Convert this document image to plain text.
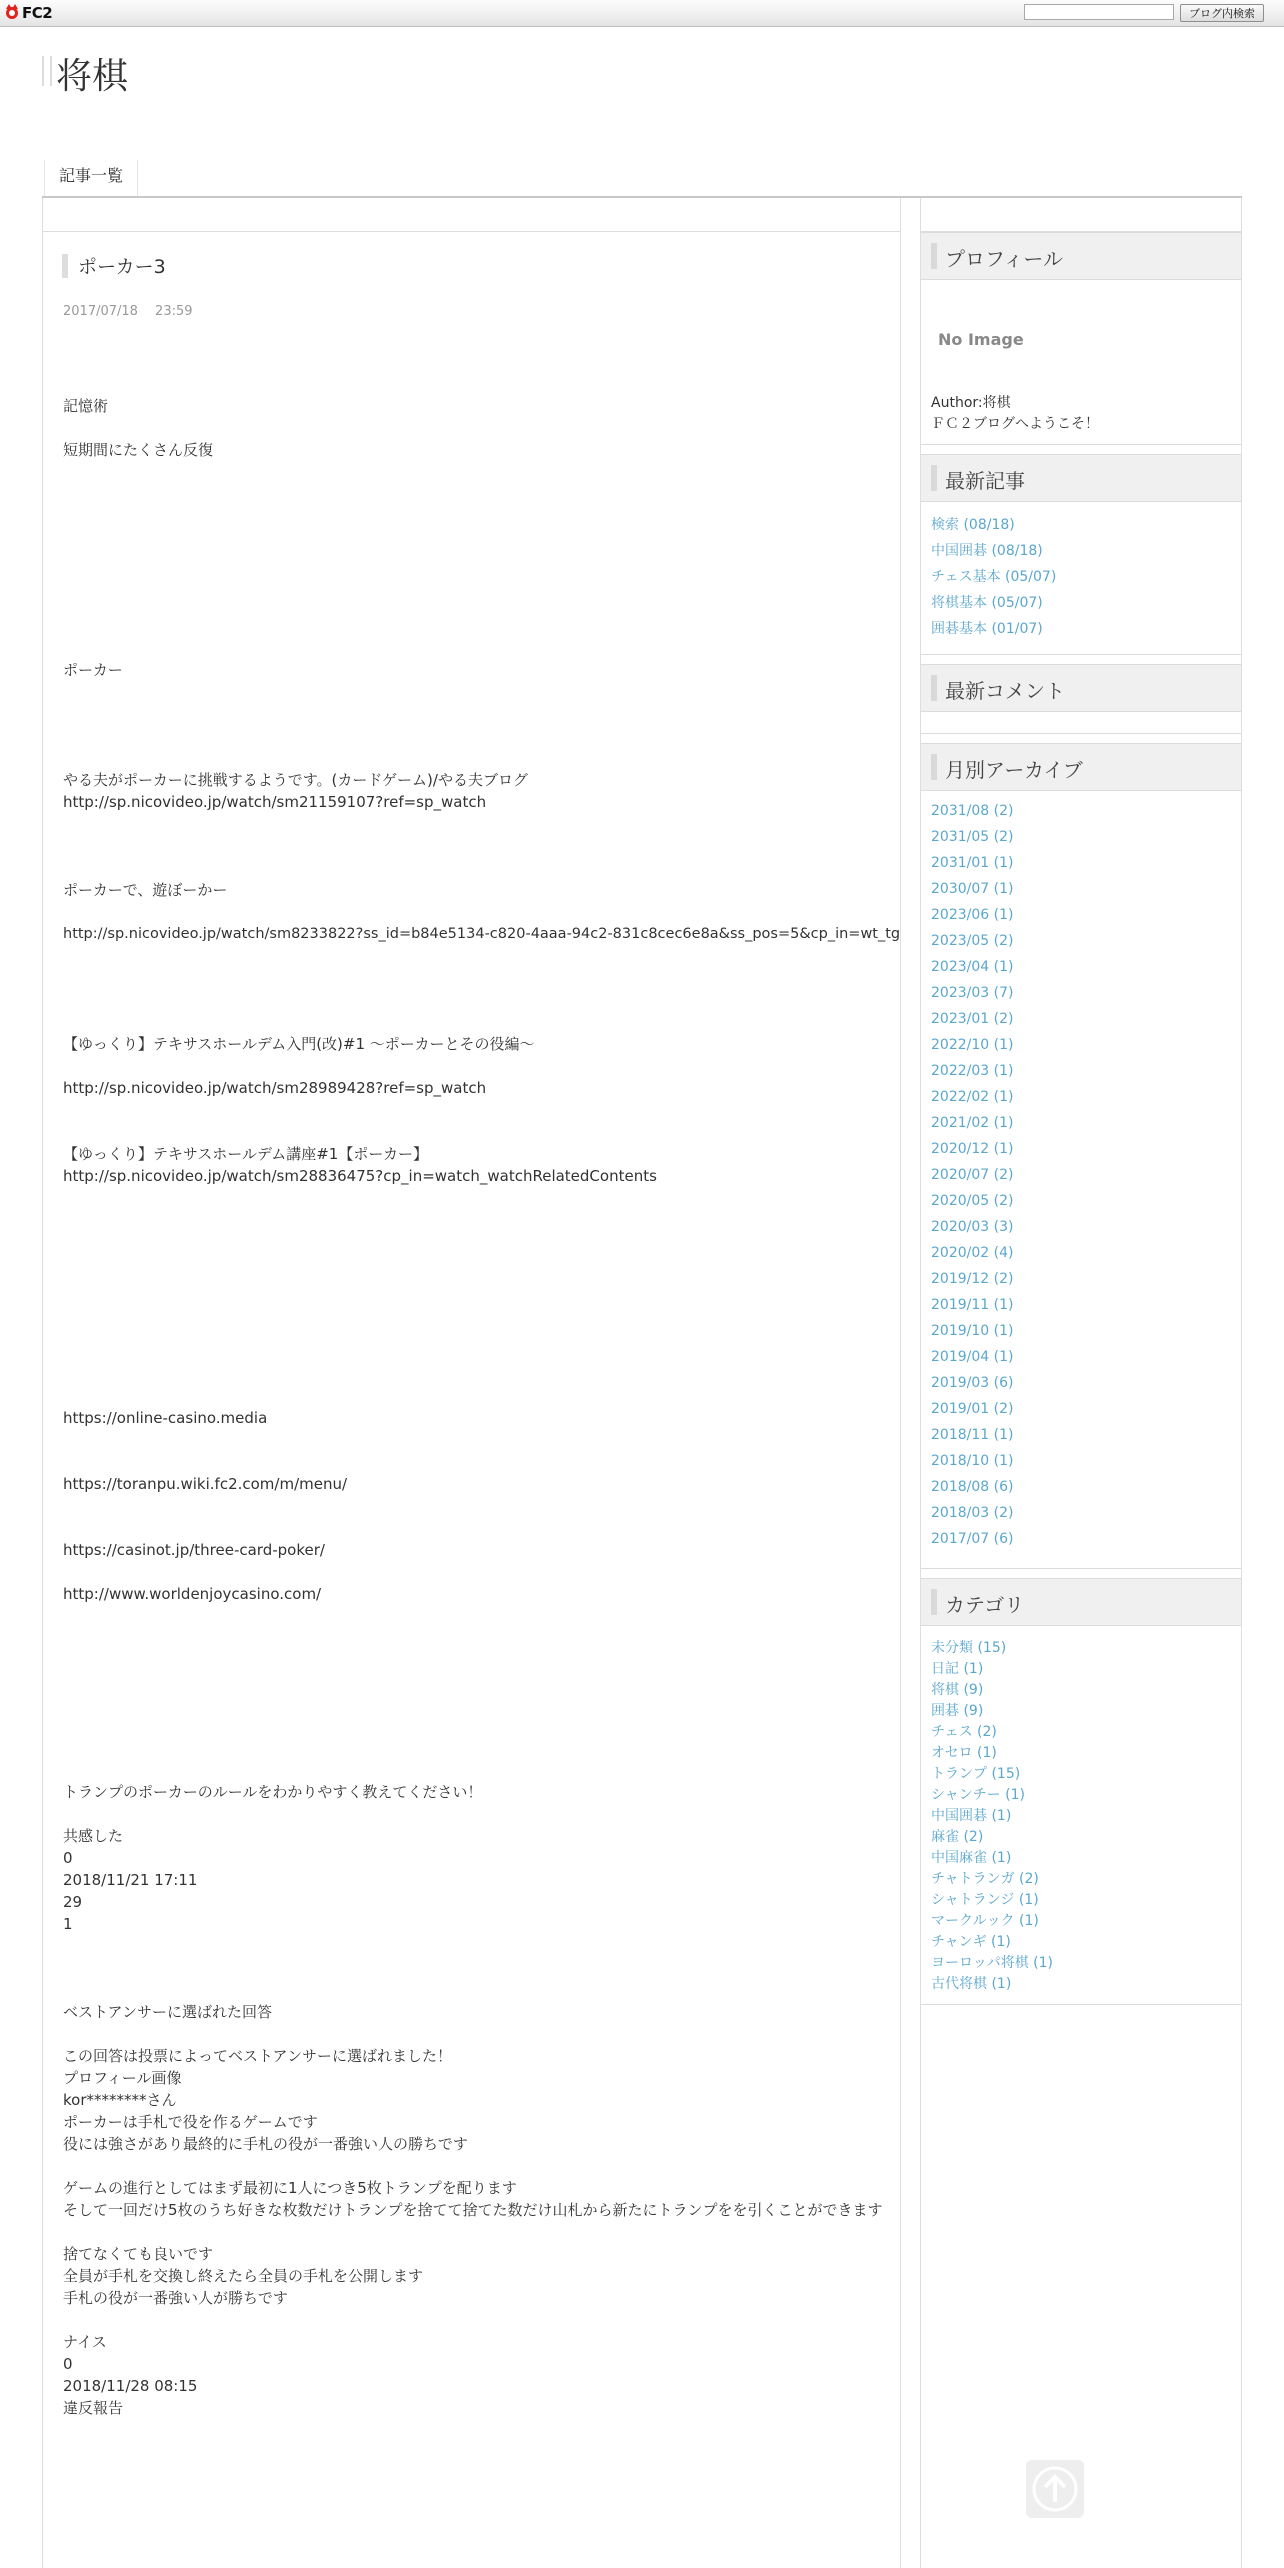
FC2	ブログ内検索
将棋
記事一覧
ポーカー3
2017/07/18　 23:59
記憶術
短期間にたくさん反復
ポーカー
やる夫がポーカーに挑戦するようです。(カードゲーム)/やる夫ブログ
http://sp.nicovideo.jp/watch/sm21159107?ref=sp_watch
ポーカーで、遊ぼーかー
http://sp.nicovideo.jp/watch/sm8233822?ss_id=b84e5134-c820-4aaa-94c2-831c8cec6e8a&ss_pos=5&cp_in=wt_tg
【ゆっくり】テキサスホールデム入門(改)#1 ～ポーカーとその役編～
http://sp.nicovideo.jp/watch/sm28989428?ref=sp_watch
【ゆっくり】テキサスホールデム講座#1【ポーカー】
http://sp.nicovideo.jp/watch/sm28836475?cp_in=watch_watchRelatedContents
https://online-casino.media
https://toranpu.wiki.fc2.com/m/menu/
https://casinot.jp/three-card-poker/
http://www.worldenjoycasino.com/
トランプのポーカーのルールをわかりやすく教えてください！
共感した
0
2018/11/21 17:11
29
1
ベストアンサーに選ばれた回答
この回答は投票によってベストアンサーに選ばれました！
プロフィール画像
kor********さん
ポーカーは手札で役を作るゲームです
役には強さがあり最終的に手札の役が一番強い人の勝ちです
ゲームの進行としてはまず最初に1人につき5枚トランプを配ります
そして一回だけ5枚のうち好きな枚数だけトランプを捨てて捨てた数だけ山札から新たにトランプをを引くことができます
捨てなくても良いです
全員が手札を交換し終えたら全員の手札を公開します
手札の役が一番強い人が勝ちです
ナイス
0
2018/11/28 08:15
違反報告
プロフィール
No Image
Author:将棋
ＦＣ２ブログへようこそ！
最新記事
検索 (08/18)
中国囲碁 (08/18)
チェス基本 (05/07)
将棋基本 (05/07)
囲碁基本 (01/07)
最新コメント
月別アーカイブ
2031/08 (2)
2031/05 (2)
2031/01 (1)
2030/07 (1)
2023/06 (1)
2023/05 (2)
2023/04 (1)
2023/03 (7)
2023/01 (2)
2022/10 (1)
2022/03 (1)
2022/02 (1)
2021/02 (1)
2020/12 (1)
2020/07 (2)
2020/05 (2)
2020/03 (3)
2020/02 (4)
2019/12 (2)
2019/11 (1)
2019/10 (1)
2019/04 (1)
2019/03 (6)
2019/01 (2)
2018/11 (1)
2018/10 (1)
2018/08 (6)
2018/03 (2)
2017/07 (6)
カテゴリ
未分類 (15)
日記 (1)
将棋 (9)
囲碁 (9)
チェス (2)
オセロ (1)
トランプ (15)
シャンチー (1)
中国囲碁 (1)
麻雀 (2)
中国麻雀 (1)
チャトランガ (2)
シャトランジ (1)
マークルック (1)
チャンギ (1)
ヨーロッパ将棋 (1)
古代将棋 (1)
